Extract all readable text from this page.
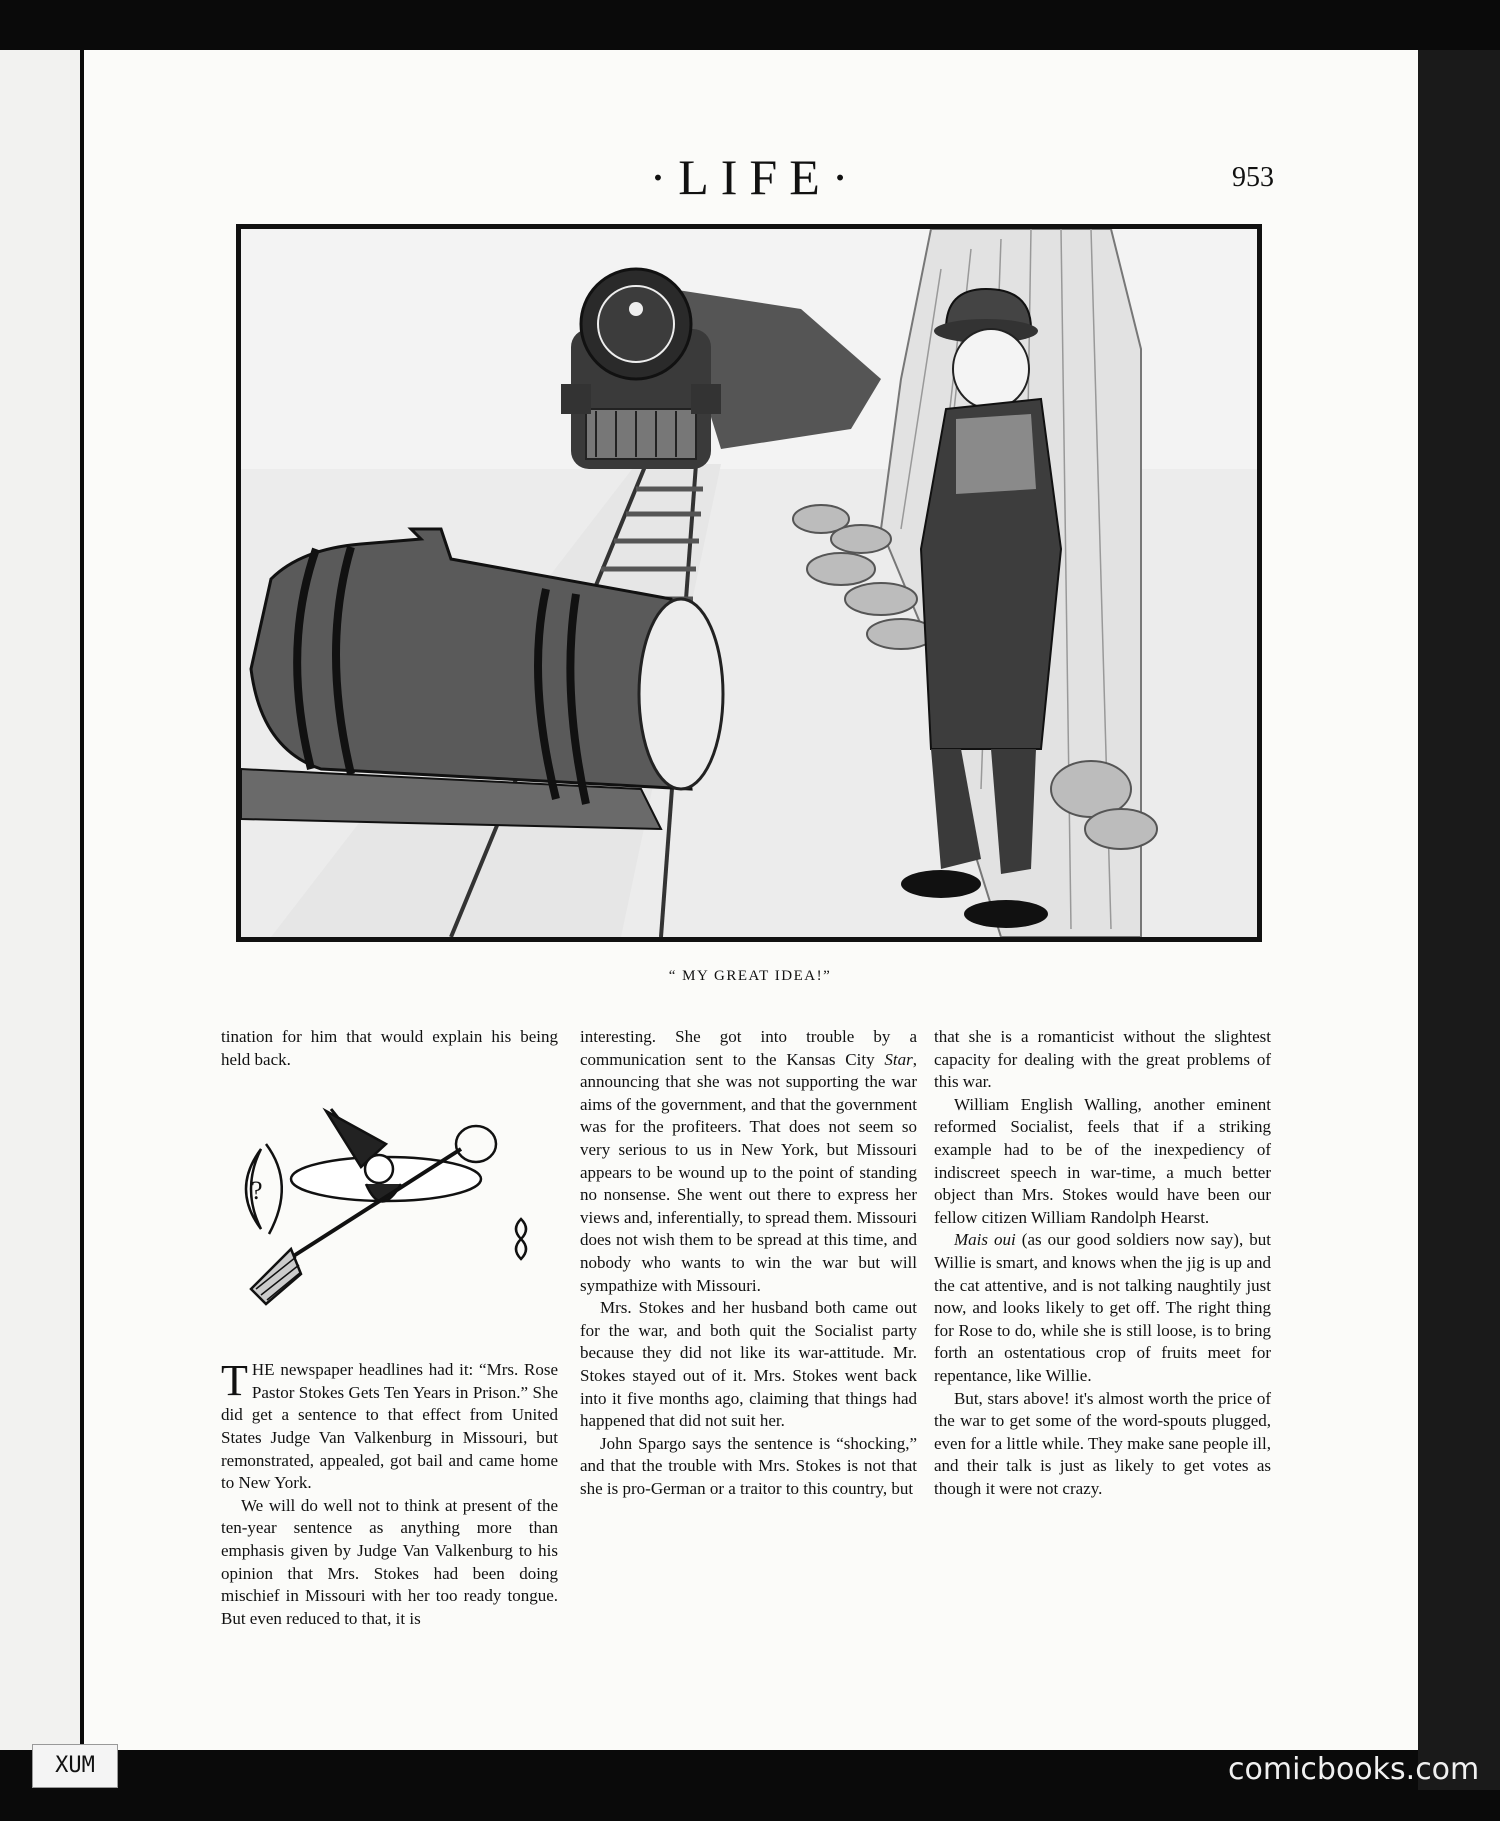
·LIFE·	953
“ MY GREAT IDEA!”

tination for him that would explain his being held back.

?

THE newspaper headlines had it: “Mrs. Rose Pastor Stokes Gets Ten Years in Prison.” She did get a sentence to that effect from United States Judge Van Valkenburg in Missouri, but remonstrated, appealed, got bail and came home to New York.

We will do well not to think at present of the ten-year sentence as anything more than emphasis given by Judge Van Valkenburg to his opinion that Mrs. Stokes had been doing mischief in Missouri with her too ready tongue. But even reduced to that, it is

interesting. She got into trouble by a communication sent to the Kansas City Star, announcing that she was not supporting the war aims of the government, and that the government was for the profiteers. That does not seem so very serious to us in New York, but Missouri appears to be wound up to the point of standing no nonsense. She went out there to express her views and, inferentially, to spread them. Missouri does not wish them to be spread at this time, and nobody who wants to win the war but will sympathize with Missouri.

Mrs. Stokes and her husband both came out for the war, and both quit the Socialist party because they did not like its war-attitude. Mr. Stokes stayed out of it. Mrs. Stokes went back into it five months ago, claiming that things had happened that did not suit her.

John Spargo says the sentence is “shocking,” and that the trouble with Mrs. Stokes is not that she is pro-German or a traitor to this country, but

that she is a romanticist without the slightest capacity for dealing with the great problems of this war.

William English Walling, another eminent reformed Socialist, feels that if a striking example had to be of the inexpediency of indiscreet speech in war-time, a much better object than Mrs. Stokes would have been our fellow citizen William Randolph Hearst.

Mais oui (as our good soldiers now say), but Willie is smart, and knows when the jig is up and the cat attentive, and is not talking naughtily just now, and looks likely to get off. The right thing for Rose to do, while she is still loose, is to bring forth an ostentatious crop of fruits meet for repentance, like Willie.

But, stars above! it's almost worth the price of the war to get some of the word-spouts plugged, even for a little while. They make sane people ill, and their talk is just as likely to get votes as though it were not crazy.

XUM	comicbooks.com
